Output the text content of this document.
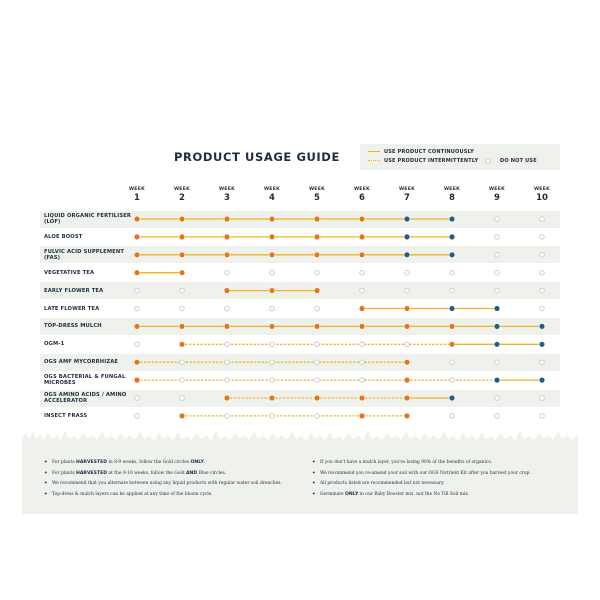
PRODUCT USAGE GUIDE	USE PRODUCT CONTINUOUSLY
USE PRODUCT INTERMITTENTLY	DO NOT USE
WEEK
1
WEEK
2
WEEK
3
WEEK
4
WEEK
5
WEEK
6
WEEK
7
WEEK
8
WEEK
9
WEEK
10
LIQUID ORGANIC FERTILISER (LOF)
ALOE BOOST
FULVIC ACID SUPPLEMENT (FAS)
VEGETATIVE TEA
EARLY FLOWER TEA
LATE FLOWER TEA
TOP-DRESS MULCH
OGM-1
OGS AMF MYCORRHIZAE
OGS BACTERIAL & FUNGAL MICROBES
OGS AMINO ACIDS / AMINO ACCELERATOR
INSECT FRASS
• For plants HARVESTED in 8-9 weeks, follow the Gold circles ONLY.
• For plants HARVESTED at the 9-10 weeks, follow the Gold AND Blue circles.
• We recommend that you alternate between using any liquid products with regular water soil drenches.
• Top-dress & mulch layers can be applied at any time of the bloom cycle.
• If you don't have a mulch layer, you're losing 90% of the benefits of organics.
• We recommend you re-amend your soil with our OGS Nutrient Kit after you harvest your crop.
• All products listed are recommended but not necessary.
• Germinate ONLY in our Baby Booster mix, not the No Till Soil mix.
